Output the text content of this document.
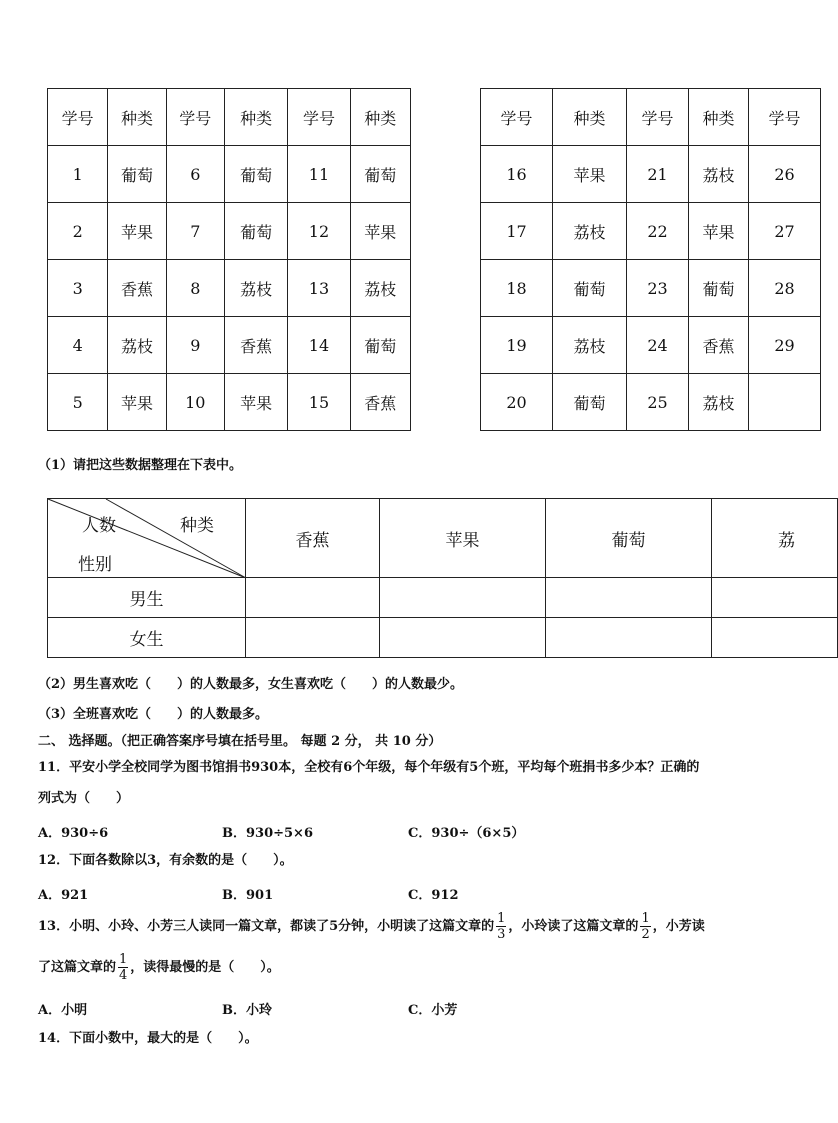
学号	种类	学号	种类	学号	种类
1	葡萄	6	葡萄	11	葡萄
2	苹果	7	葡萄	12	苹果
3	香蕉	8	荔枝	13	荔枝
4	荔枝	9	香蕉	14	葡萄
5	苹果	10	苹果	15	香蕉
学号	种类	学号	种类	学号
16	苹果	21	荔枝	26
17	荔枝	22	苹果	27
18	葡萄	23	葡萄	28
19	荔枝	24	香蕉	29
20	葡萄	25	荔枝	
（1）请把这些数据整理在下表中。
人数 种类
性别	香蕉	苹果	葡萄	荔
男生				
女生				
（2）男生喜欢吃（　　）的人数最多，女生喜欢吃（　　）的人数最少。
（3）全班喜欢吃（　　）的人数最多。
二、 选择题。（把正确答案序号填在括号里。 每题 2 分， 共 10 分）
11．平安小学全校同学为图书馆捐书930本，全校有6个年级，每个年级有5个班，平均每个班捐书多少本？正确的
列式为（　　）
A．930÷6	B．930÷5×6	C．930÷（6×5）
12．下面各数除以3，有余数的是（　　）。
A．921	B．901	C．912
13．小明、小玲、小芳三人读同一篇文章，都读了5分钟，小明读了这篇文章的 $\frac{1}{3}$ ，小玲读了这篇文章的 $\frac{1}{2}$ ，小芳读
了这篇文章的 $\frac{1}{4}$ ，读得最慢的是（　　）。
A．小明	B．小玲	C．小芳
14．下面小数中，最大的是（　　）。
